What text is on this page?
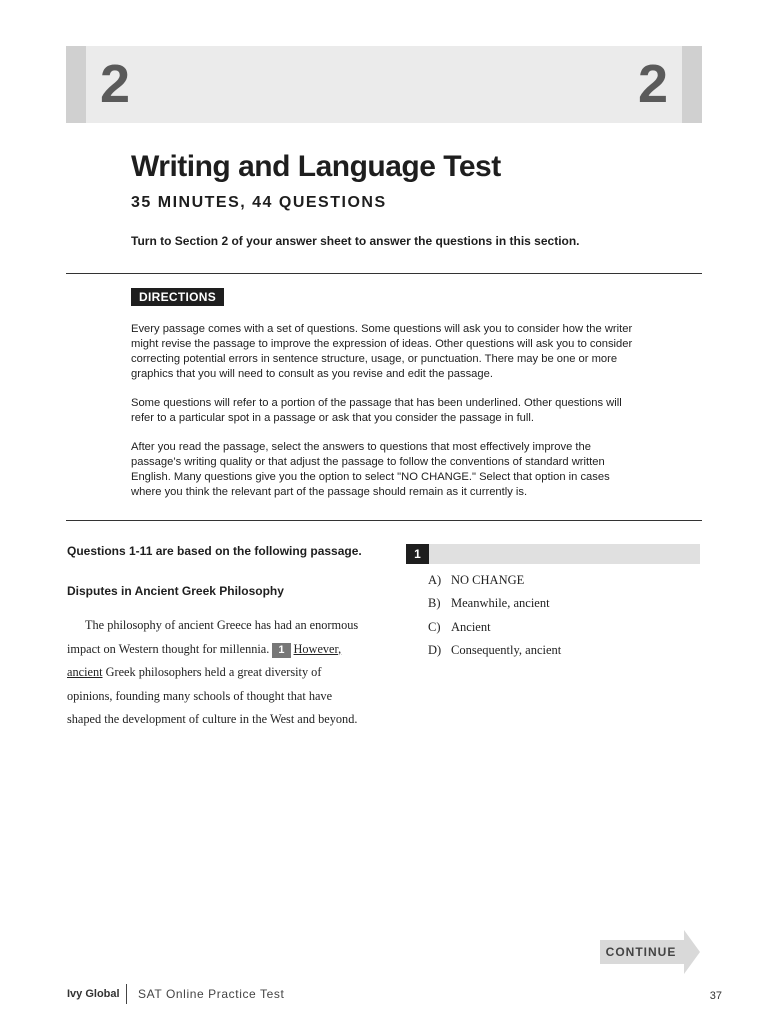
2	2
Writing and Language Test
35 MINUTES, 44 QUESTIONS
Turn to Section 2 of your answer sheet to answer the questions in this section.
DIRECTIONS

Every passage comes with a set of questions. Some questions will ask you to consider how the writer might revise the passage to improve the expression of ideas. Other questions will ask you to consider correcting potential errors in sentence structure, usage, or punctuation. There may be one or more graphics that you will need to consult as you revise and edit the passage.

Some questions will refer to a portion of the passage that has been underlined. Other questions will refer to a particular spot in a passage or ask that you consider the passage in full.

After you read the passage, select the answers to questions that most effectively improve the passage’s writing quality or that adjust the passage to follow the conventions of standard written English. Many questions give you the option to select "NO CHANGE." Select that option in cases where you think the relevant part of the passage should remain as it currently is.

Questions 1-11 are based on the following passage.
Disputes in Ancient Greek Philosophy
The philosophy of ancient Greece has had an enormous impact on Western thought for millennia. 1 However, ancient Greek philosophers held a great diversity of opinions, founding many schools of thought that have shaped the development of culture in the West and beyond.
1
A) NO CHANGE
B) Meanwhile, ancient
C) Ancient
D) Consequently, ancient
CONTINUE
Ivy Global SAT Online Practice Test	37
